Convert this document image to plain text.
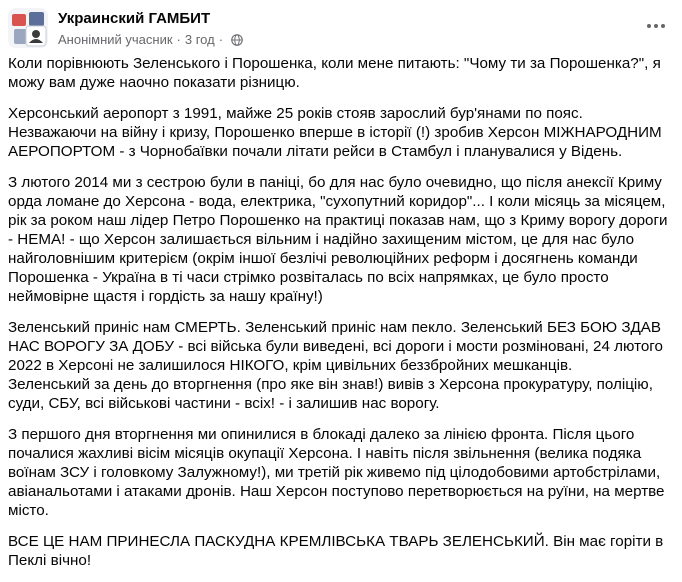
Украинский ГАМБИТ
Анонімний учасник · 3 год ·

Коли порівнюють Зеленського і Порошенка, коли мене питають: "Чому ти за Порошенка?", я можу вам дуже наочно показати різницю.

Херсонський аеропорт з 1991, майже 25 років стояв зарослий бур'янами по пояс. Незважаючи на війну і кризу, Порошенко вперше в історії (!) зробив Херсон МІЖНАРОДНИМ АЕРОПОРТОМ - з Чорнобаївки почали літати рейси в Стамбул і планувалися у Відень.

З лютого 2014 ми з сестрою були в паніці, бо для нас було очевидно, що після анексії Криму орда ломане до Херсона - вода, електрика, "сухопутний коридор"... І коли місяць за місяцем, рік за роком наш лідер Петро Порошенко на практиці показав нам, що з Криму ворогу дороги - НЕМА! - що Херсон залишається вільним і надійно захищеним містом, це для нас було найголовнішим критерієм (окрім іншої безлічі революційних реформ і досягнень команди Порошенка - Україна в ті часи стрімко розвіталась по всіх напрямках, це було просто неймовірне щастя і гордість за нашу країну!)

Зеленський приніс нам СМЕРТЬ. Зеленський приніс нам пекло. Зеленський БЕЗ БОЮ ЗДАВ НАС ВОРОГУ ЗА ДОБУ - всі війська були виведені, всі дороги і мости розміновані, 24 лютого 2022 в Херсоні не залишилося НІКОГО, крім цивільних беззбройних мешканців.
Зеленський за день до вторгнення (про яке він знав!) вивів з Херсона прокуратуру, поліцію, суди, СБУ, всі військові частини - всіх! - і залишив нас ворогу.

З першого дня вторгнення ми опинилися в блокаді далеко за лінією фронта. Після цього почалися жахливі вісім місяців окупації Херсона. І навіть після звільнення (велика подяка воїнам ЗСУ і головкому Залужному!), ми третій рік живемо під цілодобовими артобстрілами, авіанальотами і атаками дронів. Наш Херсон поступово перетворюється на руїни, на мертве місто.

ВСЕ ЦЕ НАМ ПРИНЕСЛА ПАСКУДНА КРЕМЛІВСЬКА ТВАРЬ ЗЕЛЕНСЬКИЙ. Він має горіти в Пеклі вічно!
